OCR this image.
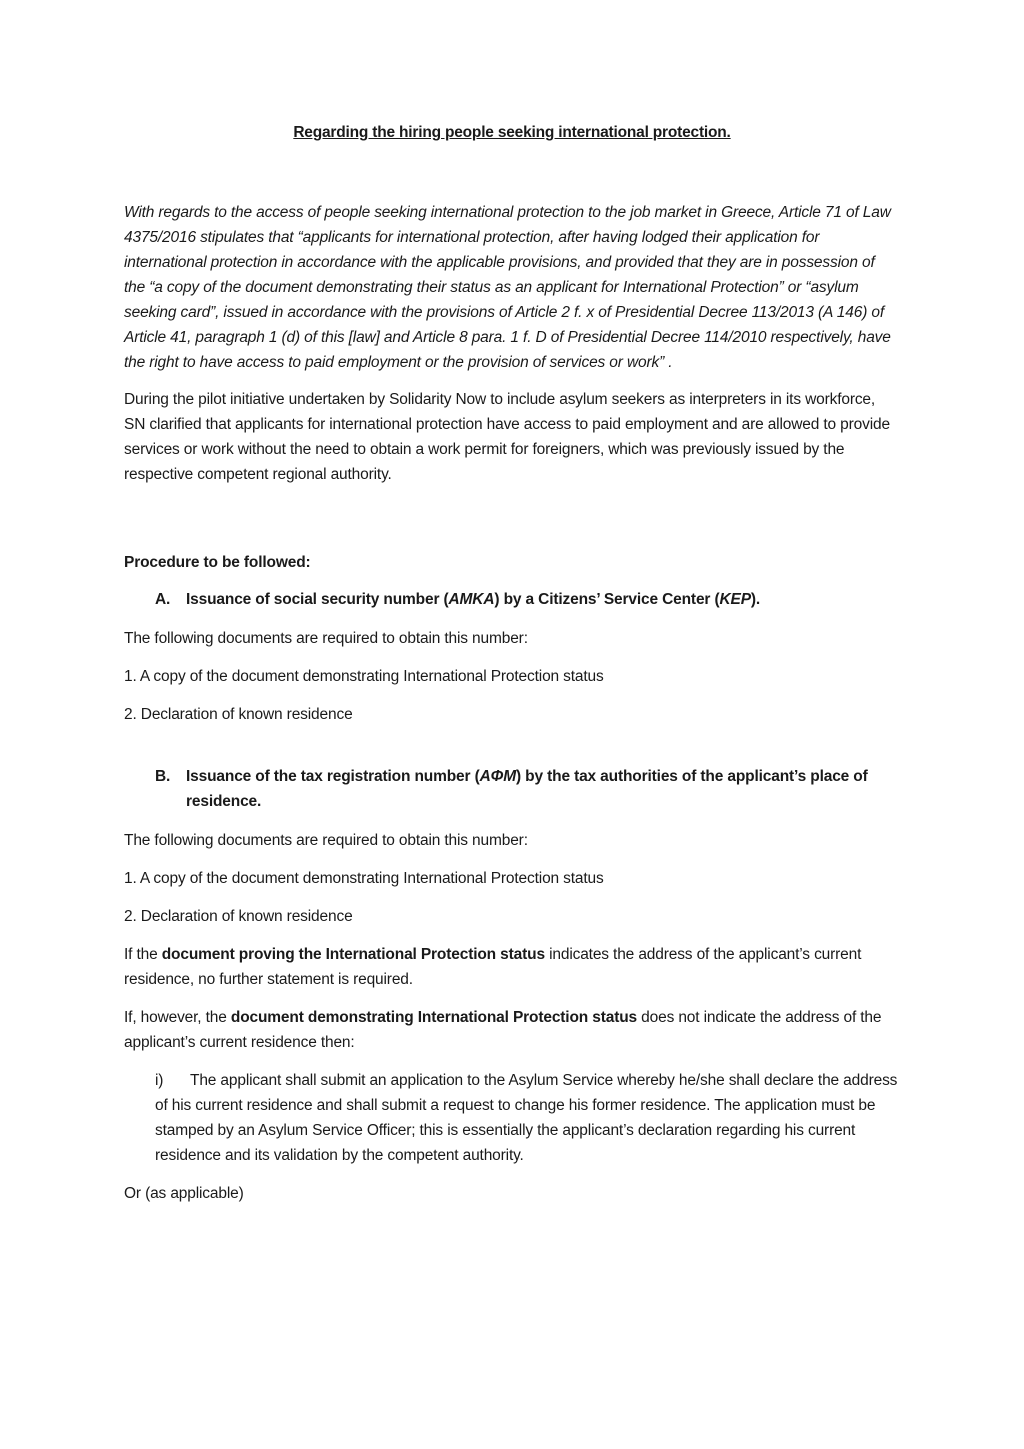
Regarding the hiring people seeking international protection.

With regards to the access of people seeking international protection to the job market in Greece, Article 71 of Law 4375/2016 stipulates that “applicants for international protection, after having lodged their application for international protection in accordance with the applicable provisions, and provided that they are in possession of the “a copy of the document demonstrating their status as an applicant for International Protection” or “asylum seeking card”, issued in accordance with the provisions of Article 2 f. x of Presidential Decree 113/2013 (A 146) of Article 41, paragraph 1 (d) of this [law] and Article 8 para. 1 f. D of Presidential Decree 114/2010 respectively, have the right to have access to paid employment or the provision of services or work” .

During the pilot initiative undertaken by Solidarity Now to include asylum seekers as interpreters in its workforce, SN clarified that applicants for international protection have access to paid employment and are allowed to provide services or work without the need to obtain a work permit for foreigners, which was previously issued by the respective competent regional authority.

Procedure to be followed:

A.	Issuance of social security number (AMKA) by a Citizens’ Service Center (KEP).

The following documents are required to obtain this number:

1. A copy of the document demonstrating International Protection status

2. Declaration of known residence

B.	Issuance of the tax registration number (AΦΜ) by the tax authorities of the applicant’s place of residence.

The following documents are required to obtain this number:

1. A copy of the document demonstrating International Protection status

2. Declaration of known residence

If the document proving the International Protection status indicates the address of the applicant’s current residence, no further statement is required.

If, however, the document demonstrating International Protection status does not indicate the address of the applicant’s current residence then:

i) The applicant shall submit an application to the Asylum Service whereby he/she shall declare the address of his current residence and shall submit a request to change his former residence. The application must be stamped by an Asylum Service Officer; this is essentially the applicant’s declaration regarding his current residence and its validation by the competent authority.

Or (as applicable)
